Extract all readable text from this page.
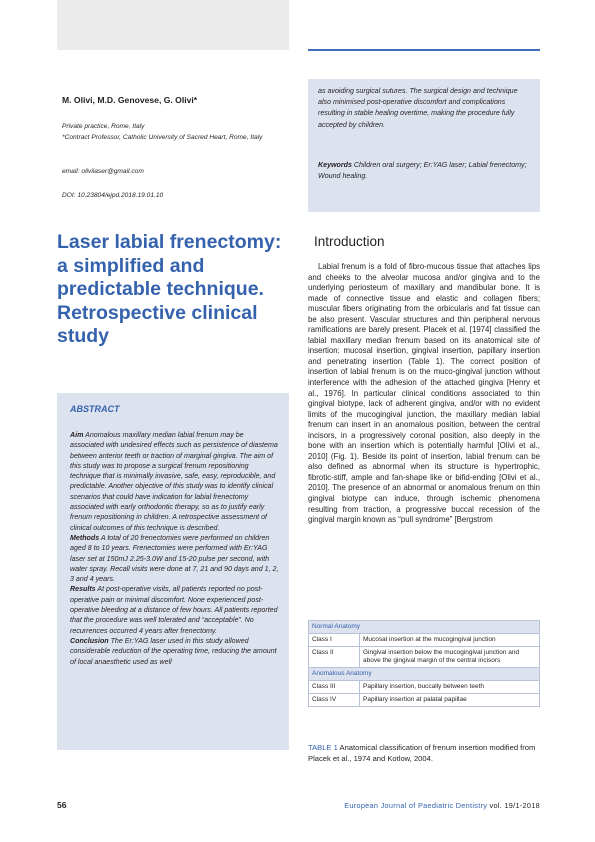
M. Olivi, M.D. Genovese, G. Olivi*
Private practice, Rome, Italy
*Contract Professor, Catholic University of Sacred Heart, Rome, Italy
email: olivilaser@gmail.com
DOI: 10.23804/ejpd.2018.19.01.10
as avoiding surgical sutures. The surgical design and technique also minimised post-operative discomfort and complications resulting in stable healing overtime, making the procedure fully accepted by children.
Keywords Children oral surgery; Er:YAG laser; Labial frenectomy; Wound healing.
Laser labial frenectomy: a simplified and predictable technique. Retrospective clinical study
ABSTRACT

Aim Anomalous maxillary median labial frenum may be associated with undesired effects such as persistence of diastema between anterior teeth or traction of marginal gingiva. The aim of this study was to propose a surgical frenum repositioning technique that is minimally invasive, safe, easy, reproducible, and predictable. Another objective of this study was to identify clinical scenarios that could have indication for labial frenectomy associated with early orthodontic therapy, so as to justify early frenum repositioning in children. A retrospective assessment of clinical outcomes of this technique is described.

Methods A total of 20 frenectomies were performed on children aged 8 to 10 years. Frenectomies were performed with Er:YAG laser set at 150mJ 2.25-3.0W and 15-20 pulse per second, with water spray. Recall visits were done at 7, 21 and 90 days and 1, 2, 3 and 4 years.

Results At post-operative visits, all patients reported no post-operative pain or minimal discomfort. None experienced post-operative bleeding at a distance of few hours. All patients reported that the procedure was well tolerated and “acceptable”. No recurrences occurred 4 years after frenectomy.

Conclusion The Er:YAG laser used in this study allowed considerable reduction of the operating time, reducing the amount of local anaesthetic used as well

Introduction

Labial frenum is a fold of fibro-mucous tissue that attaches lips and cheeks to the alveolar mucosa and/or gingiva and to the underlying periosteum of maxillary and mandibular bone. It is made of connective tissue and elastic and collagen fibers; muscular fibers originating from the orbicularis and fat tissue can be also present. Vascular structures and thin peripheral nervous ramifications are barely present. Placek et al. [1974] classified the labial maxillary median frenum based on its anatomical site of insertion: mucosal insertion, gingival insertion, papillary insertion and penetrating insertion (Table 1). The correct position of insertion of labial frenum is on the muco-gingival junction without interference with the adhesion of the attached gingiva [Henry et al., 1976]. In particular clinical conditions associated to thin gingival biotype, lack of adherent gingiva, and/or with no evident limits of the mucogingival junction, the maxillary median labial frenum can insert in an anomalous position, between the central incisors, in a progressively coronal position, also deeply in the bone with an insertion which is potentially harmful [Olivi et al., 2010] (Fig. 1). Beside its point of insertion, labial frenum can be also defined as abnormal when its structure is hypertrophic, fibrotic-stiff, ample and fan-shape like or bifid-ending [Olivi et al., 2010]. The presence of an abnormal or anomalous frenum on thin gingival biotype can induce, through ischemic phenomena resulting from traction, a progressive buccal recession of the gingival margin known as “pull syndrome” [Bergstrom

Normal Anatomy	
Class I	Mucosal insertion at the mucogingival junction
Class II	Gingival insertion below the mucogingival junction and above the gingival margin of the central incisors
Anomalous Anatomy	
Class III	Papillary insertion, buccally between teeth
Class IV	Papillary insertion at palatal papillae
TABLE 1 Anatomical classification of frenum insertion modified from Placek et al., 1974 and Kotlow, 2004.
56	European Journal of Paediatric Dentistry vol. 19/1-2018
